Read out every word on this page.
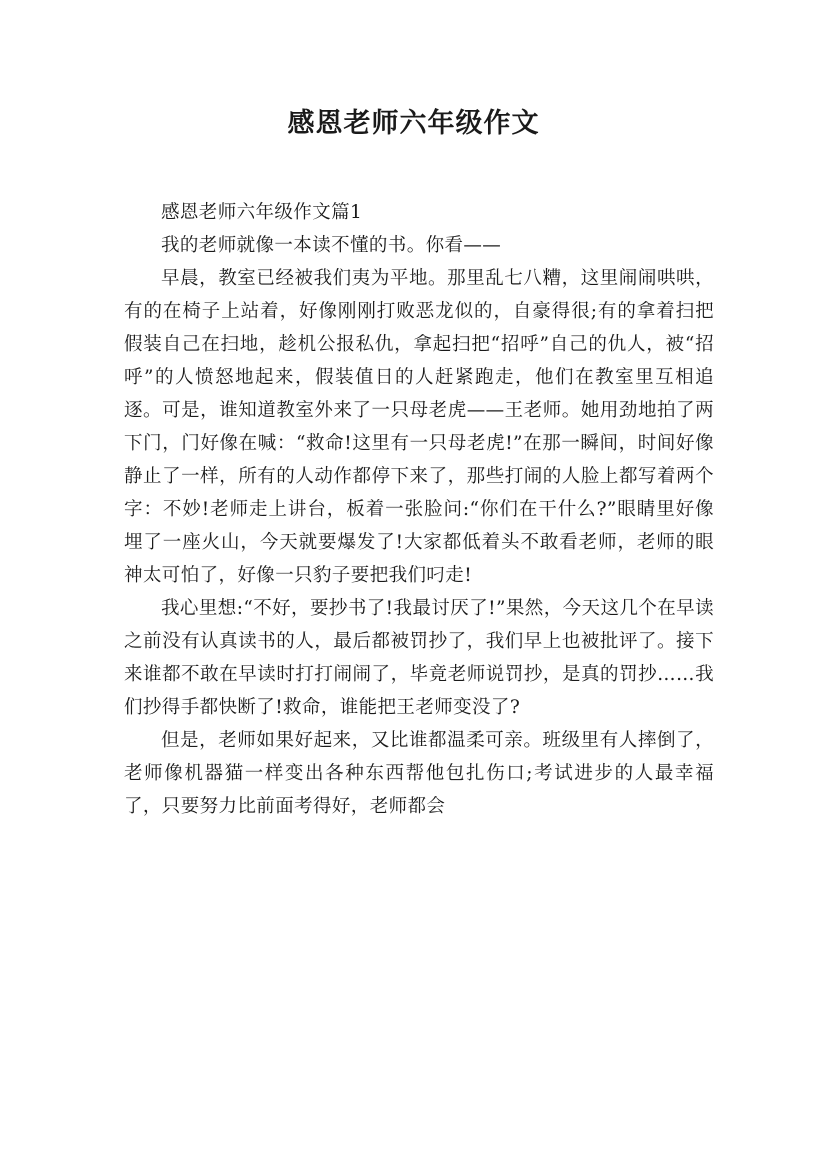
感恩老师六年级作文

感恩老师六年级作文篇1

我的老师就像一本读不懂的书。你看——

早晨，教室已经被我们夷为平地。那里乱七八糟，这里闹闹哄哄，有的在椅子上站着，好像刚刚打败恶龙似的，自豪得很;有的拿着扫把假装自己在扫地，趁机公报私仇，拿起扫把“招呼”自己的仇人，被“招呼”的人愤怒地起来，假装值日的人赶紧跑走，他们在教室里互相追逐。可是，谁知道教室外来了一只母老虎——王老师。她用劲地拍了两下门，门好像在喊：“救命!这里有一只母老虎!”在那一瞬间，时间好像静止了一样，所有的人动作都停下来了，那些打闹的人脸上都写着两个字：不妙!老师走上讲台，板着一张脸问:“你们在干什么?”眼睛里好像埋了一座火山，今天就要爆发了!大家都低着头不敢看老师，老师的眼神太可怕了，好像一只豹子要把我们叼走!

我心里想:“不好，要抄书了!我最讨厌了!”果然，今天这几个在早读之前没有认真读书的人，最后都被罚抄了，我们早上也被批评了。接下来谁都不敢在早读时打打闹闹了，毕竟老师说罚抄，是真的罚抄……我们抄得手都快断了!救命，谁能把王老师变没了?

但是，老师如果好起来，又比谁都温柔可亲。班级里有人摔倒了，老师像机器猫一样变出各种东西帮他包扎伤口;考试进步的人最幸福了，只要努力比前面考得好，老师都会
